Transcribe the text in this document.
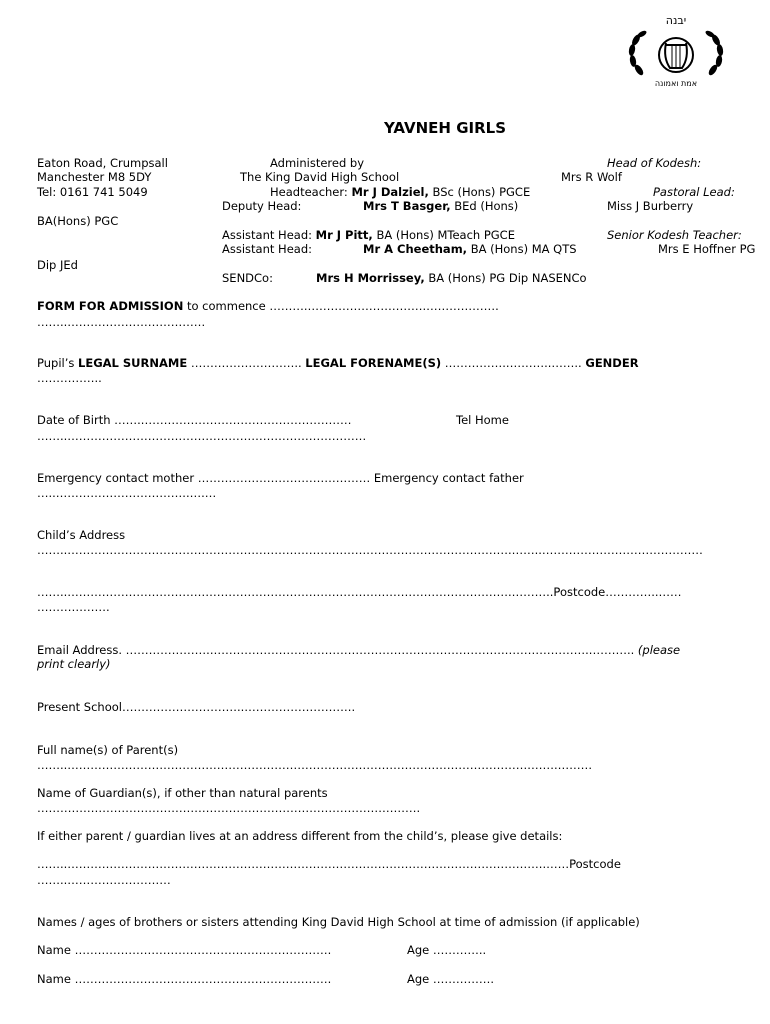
יבנה
אמת ואמונה
YAVNEH GIRLS
Eaton Road, Crumpsall
Manchester M8 5DY
Tel: 0161 741 5049
BA(Hons) PGC
Dip JEd
Administered by
The King David High School
Headteacher: Mr J Dalziel, BSc (Hons) PGCE
Deputy Head:	Mrs T Basger, BEd (Hons)
Assistant Head: Mr J Pitt, BA (Hons) MTeach PGCE
Assistant Head:	Mr A Cheetham, BA (Hons) MA QTS
SENDCo:	Mrs H Morrissey, BA (Hons) PG Dip NASENCo
Head of Kodesh:
Mrs R Wolf
Pastoral Lead:
Miss J Burberry
Senior Kodesh Teacher:
Mrs E Hoffner PG
FORM FOR ADMISSION to commence ……….………………………….……………….
……..………………………………
Pupil’s LEGAL SURNAME ……………………….. LEGAL FORENAME(S) ……………..………..…….. GENDER
……………..
Date of Birth ……..………………………………………………	Tel Home
……..……………………………………………………………………
Emergency contact mother ……………………………………… Emergency contact father
…..……………………………..….…
Child’s Address
……..…………………………………………………………………….……………………………….……..……………………………………
……..…………………………………………………………………….……………………………….………..Postcode…………..……
……………….
Email Address. …………………..………………………………………………………………….…………………..……….. (please
print clearly)
Present School…………………………..………………………..
Full name(s) of Parent(s)
……..………………………………………………………………………………………………………….…….………
Name of Guardian(s), if other than natural parents
……………………………………………………………………………………….
If either parent / guardian lives at an address different from the child’s, please give details:
……..……………………………………………………………………………………………………………..……Postcode
……..………………………
Names / ages of brothers or sisters attending King David High School at time of admission (if applicable)
Name ………………………………………………………….	Age …………..
Name ………………………………………………………….	Age …………….
